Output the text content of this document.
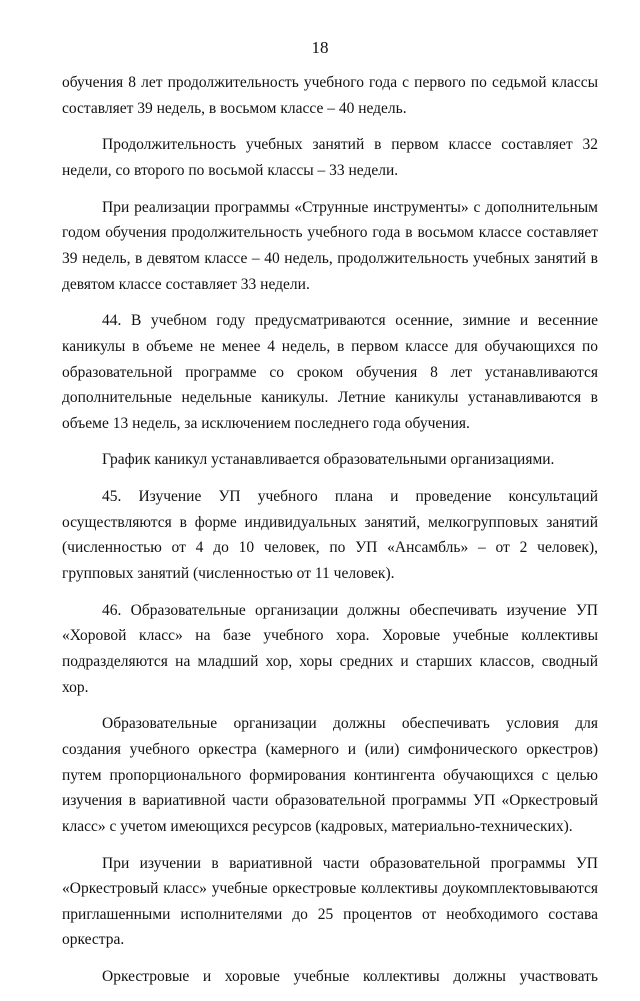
18

обучения 8 лет продолжительность учебного года с первого по седьмой классы составляет 39 недель, в восьмом классе – 40 недель.

Продолжительность учебных занятий в первом классе составляет 32 недели, со второго по восьмой классы – 33 недели.

При реализации программы «Струнные инструменты» с дополнительным годом обучения продолжительность учебного года в восьмом классе составляет 39 недель, в девятом классе – 40 недель, продолжительность учебных занятий в девятом классе составляет 33 недели.

44. В учебном году предусматриваются осенние, зимние и весенние каникулы в объеме не менее 4 недель, в первом классе для обучающихся по образовательной программе со сроком обучения 8 лет устанавливаются дополнительные недельные каникулы. Летние каникулы устанавливаются в объеме 13 недель, за исключением последнего года обучения.

График каникул устанавливается образовательными организациями.

45. Изучение УП учебного плана и проведение консультаций осуществляются в форме индивидуальных занятий, мелкогрупповых занятий (численностью от 4 до 10 человек, по УП «Ансамбль» – от 2 человек), групповых занятий (численностью от 11 человек).

46. Образовательные организации должны обеспечивать изучение УП «Хоровой класс» на базе учебного хора. Хоровые учебные коллективы подразделяются на младший хор, хоры средних и старших классов, сводный хор.

Образовательные организации должны обеспечивать условия для создания учебного оркестра (камерного и (или) симфонического оркестров) путем пропорционального формирования контингента обучающихся с целью изучения в вариативной части образовательной программы УП «Оркестровый класс» с учетом имеющихся ресурсов (кадровых, материально-технических).

При изучении в вариативной части образовательной программы УП «Оркестровый класс» учебные оркестровые коллективы доукомплектовываются приглашенными исполнителями до 25 процентов от необходимого состава оркестра.

Оркестровые и хоровые учебные коллективы должны участвовать
